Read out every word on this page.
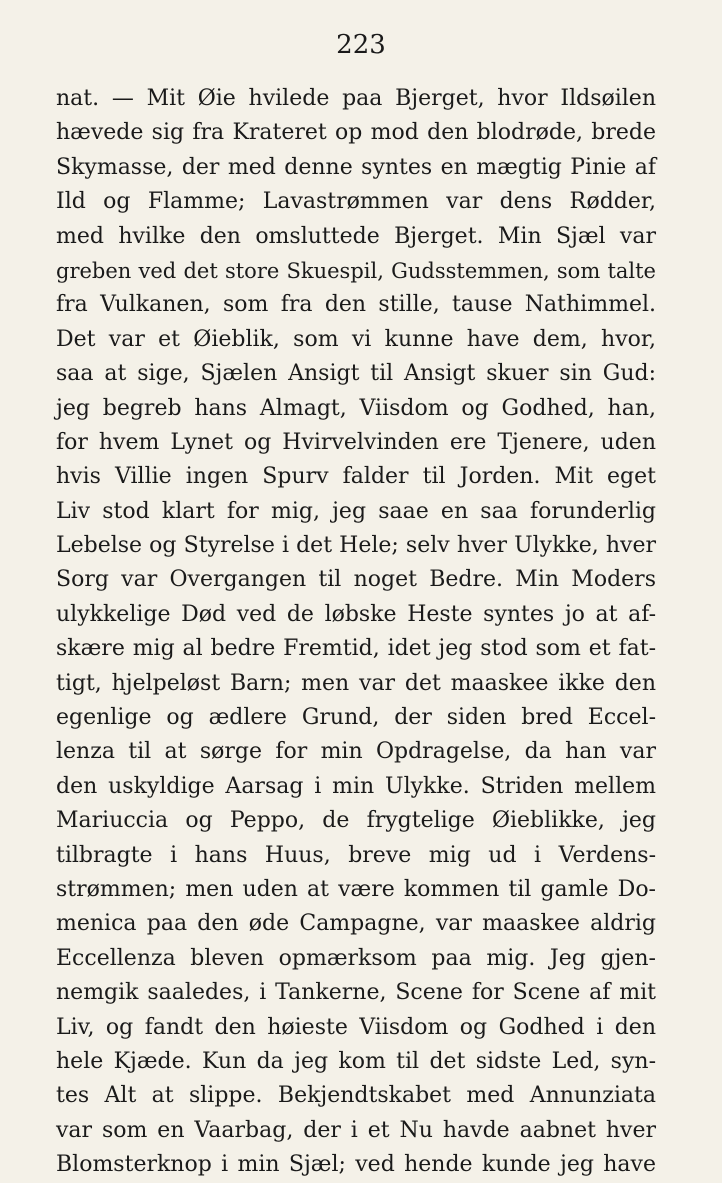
223
nat. — Mit Øie hvilede paa Bjerget, hvor Ildsøilen
hævede sig fra Krateret op mod den blodrøde, brede
Skymasse, der med denne syntes en mægtig Pinie af
Ild og Flamme; Lavastrømmen var dens Rødder,
med hvilke den omsluttede Bjerget. Min Sjæl var
greben ved det store Skuespil, Gudsstemmen, som talte
fra Vulkanen, som fra den stille, tause Nathimmel.
Det var et Øieblik, som vi kunne have dem, hvor,
saa at sige, Sjælen Ansigt til Ansigt skuer sin Gud:
jeg begreb hans Almagt, Viisdom og Godhed, han,
for hvem Lynet og Hvirvelvinden ere Tjenere, uden
hvis Villie ingen Spurv falder til Jorden. Mit eget
Liv stod klart for mig, jeg saae en saa forunderlig
Lebelse og Styrelse i det Hele; selv hver Ulykke, hver
Sorg var Overgangen til noget Bedre. Min Moders
ulykkelige Død ved de løbske Heste syntes jo at af-
skære mig al bedre Fremtid, idet jeg stod som et fat-
tigt, hjelpeløst Barn; men var det maaskee ikke den
egenlige og ædlere Grund, der siden bred Eccel-
lenza til at sørge for min Opdragelse, da han var
den uskyldige Aarsag i min Ulykke. Striden mellem
Mariuccia og Peppo, de frygtelige Øieblikke, jeg
tilbragte i hans Huus, breve mig ud i Verdens-
strømmen; men uden at være kommen til gamle Do-
menica paa den øde Campagne, var maaskee aldrig
Eccellenza bleven opmærksom paa mig. Jeg gjen-
nemgik saaledes, i Tankerne, Scene for Scene af mit
Liv, og fandt den høieste Viisdom og Godhed i den
hele Kjæde. Kun da jeg kom til det sidste Led, syn-
tes Alt at slippe. Bekjendtskabet med Annunziata
var som en Vaarbag, der i et Nu havde aabnet hver
Blomsterknop i min Sjæl; ved hende kunde jeg have
